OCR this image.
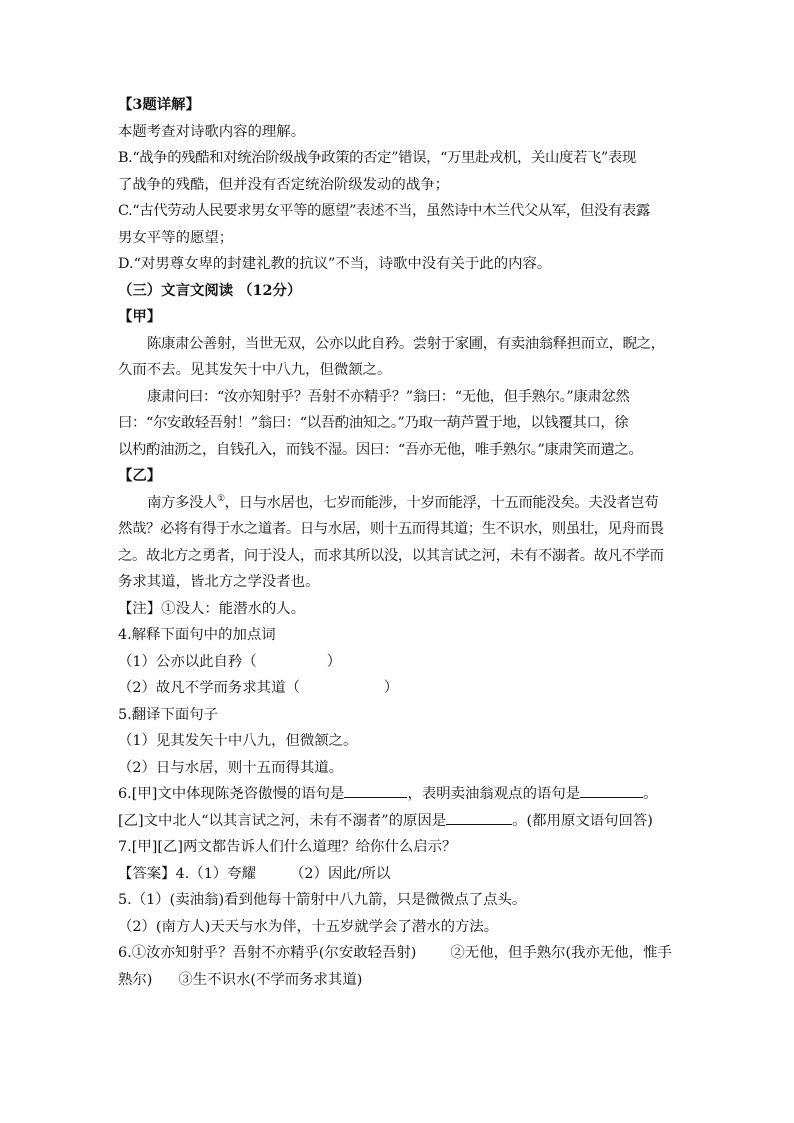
【3题详解】

本题考查对诗歌内容的理解。

B.“战争的残酷和对统治阶级战争政策的否定”错误，“万里赴戎机，关山度若飞”表现

了战争的残酷，但并没有否定统治阶级发动的战争；

C.“古代劳动人民要求男女平等的愿望”表述不当，虽然诗中木兰代父从军，但没有表露

男女平等的愿望；

D.“对男尊女卑的封建礼教的抗议”不当，诗歌中没有关于此的内容。

（三）文言文阅读 （12分）

【甲】

陈康肃公善射，当世无双，公亦以此自矜。尝射于家圃，有卖油翁释担而立，睨之，

久而不去。见其发矢十中八九，但微颔之。

康肃问曰：“汝亦知射乎？吾射不亦精乎？”翁曰：“无他，但手熟尔。”康肃忿然

曰：“尔安敢轻吾射！”翁曰：“以吾酌油知之。”乃取一葫芦置于地，以钱覆其口，徐

以杓酌油沥之，自钱孔入，而钱不湿。因曰：“吾亦无他，唯手熟尔。”康肃笑而遣之。

【乙】

南方多没人①，日与水居也，七岁而能涉，十岁而能浮，十五而能没矣。夫没者岂苟

然哉？必将有得于水之道者。日与水居，则十五而得其道；生不识水，则虽壮，见舟而畏

之。故北方之勇者，问于没人，而求其所以没，以其言试之河，未有不溺者。故凡不学而

务求其道，皆北方之学没者也。

【注】①没人：能潜水的人。

4.解释下面句中的加点词

（1）公亦以此自矜（	）

（2）故凡不学而务求其道（	）

5.翻译下面句子

（1）见其发矢十中八九，但微颔之。

（2）日与水居，则十五而得其道。

6.[甲]文中体现陈尧咨傲慢的语句是	，表明卖油翁观点的语句是	。

[乙]文中北人“以其言试之河，未有不溺者”的原因是	。(都用原文语句回答)

7.[甲][乙]两文都告诉人们什么道理？给你什么启示？

【答案】4.（1）夸耀 （2）因此/所以

5.（1）(卖油翁)看到他每十箭射中八九箭，只是微微点了点头。

（2）(南方人)天天与水为伴，十五岁就学会了潜水的方法。

6.①汝亦知射乎？吾射不亦精乎(尔安敢轻吾射) ②无他，但手熟尔(我亦无他，惟手

熟尔) ③生不识水(不学而务求其道)
